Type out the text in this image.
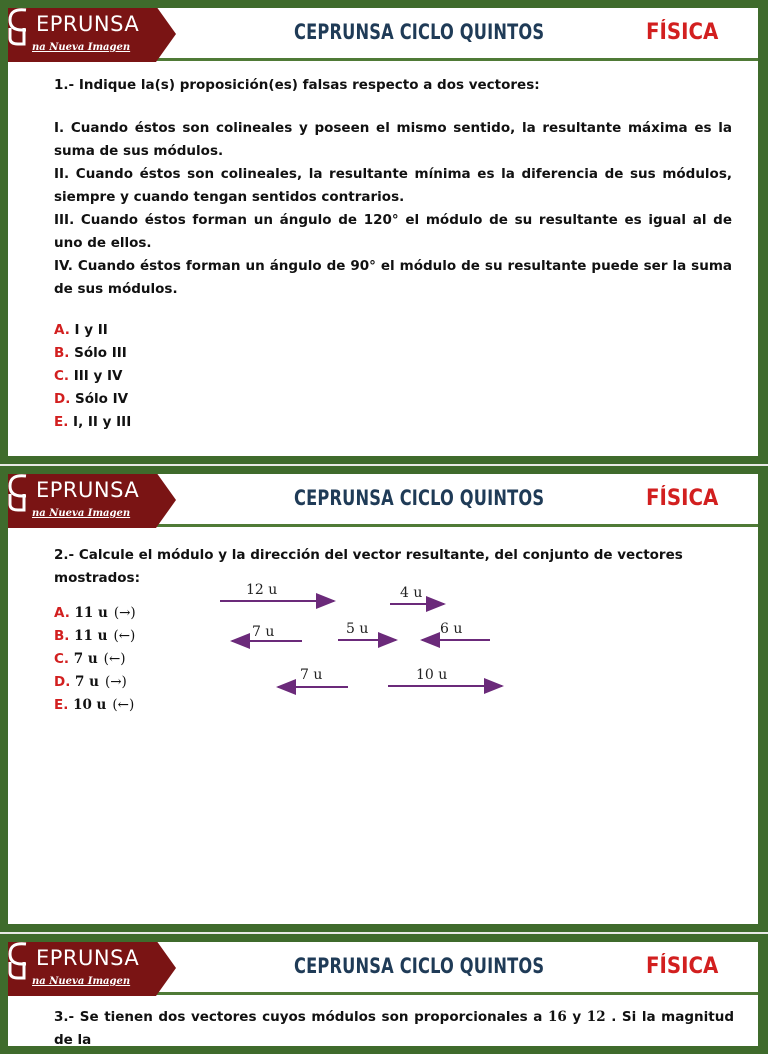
EPRUNSA
na Nueva Imagen
CEPRUNSA CICLO QUINTOS	FÍSICA

1.- Indique la(s) proposición(es) falsas respecto a dos vectores:

I. Cuando éstos son colineales y poseen el mismo sentido, la resultante máxima es la suma de sus módulos.

II. Cuando éstos son colineales, la resultante mínima es la diferencia de sus módulos, siempre y cuando tengan sentidos contrarios.

III. Cuando éstos forman un ángulo de 120° el módulo de su resultante es igual al de uno de ellos.

IV. Cuando éstos forman un ángulo de 90° el módulo de su resultante puede ser la suma de sus módulos.

A. I y II
B. Sólo III
C. III y IV
D. Sólo IV
E. I, II y III
EPRUNSA
na Nueva Imagen
CEPRUNSA CICLO QUINTOS	FÍSICA

2.- Calcule el módulo y la dirección del vector resultante, del conjunto de vectores mostrados:

A. 11 u (→)
B. 11 u (←)
C. 7 u (←)
D. 7 u (→)
E. 10 u (←)
12 u	4 u
7 u	5 u	6 u
7 u	10 u
EPRUNSA
na Nueva Imagen
CEPRUNSA CICLO QUINTOS	FÍSICA

3.- Se tienen dos vectores cuyos módulos son proporcionales a 16 y 12 . Si la magnitud de la
